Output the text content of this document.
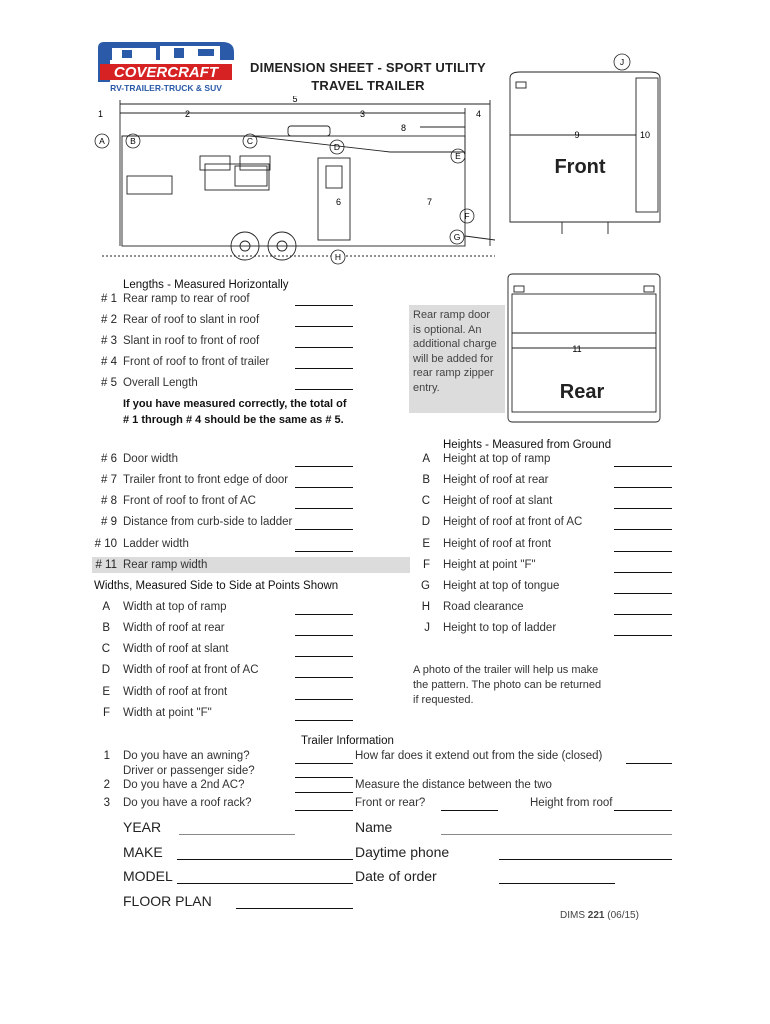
COVERCRAFT
RV-TRAILER-TRUCK & SUV
DIMENSION SHEET - SPORT UTILITY
TRAVEL TRAILER
5
1	2	3	4
8
6	7
A	B	C
D
E
F
G
H
J
9	10
Front
11
Rear
Lengths - Measured Horizontally
# 1 Rear ramp to rear of roof
# 2 Rear of roof to slant in roof
# 3 Slant in roof to front of roof
# 4 Front of roof to front of trailer
# 5 Overall Length
If you have measured correctly, the total of
# 1 through # 4 should be the same as # 5.
Rear ramp door is optional. An additional charge will be added for rear ramp zipper entry.
# 6 Door width
# 7 Trailer front to front edge of door
# 8 Front of roof to front of AC
# 9 Distance from curb-side to ladder
# 10 Ladder width
# 11 Rear ramp width
Widths, Measured Side to Side at Points Shown
A Width at top of ramp
B Width of roof at rear
C Width of roof at slant
D Width of roof at front of AC
E Width of roof at front
F Width at point "F"
Heights - Measured from Ground
A Height at top of ramp
B Height of roof at rear
C Height of roof at slant
D Height of roof at front of AC
E Height of roof at front
F Height at point "F"
G Height at top of tongue
H Road clearance
J Height to top of ladder
A photo of the trailer will help us make
the pattern. The photo can be returned
if requested.
Trailer Information
1 Do you have an awning?	How far does it extend out from the side (closed)
Driver or passenger side?
2 Do you have a 2nd AC?	Measure the distance between the two
3 Do you have a roof rack?	Front or rear?	Height from roof
YEAR	Name
MAKE	Daytime phone
MODEL	Date of order
FLOOR PLAN
DIMS 221 (06/15)
